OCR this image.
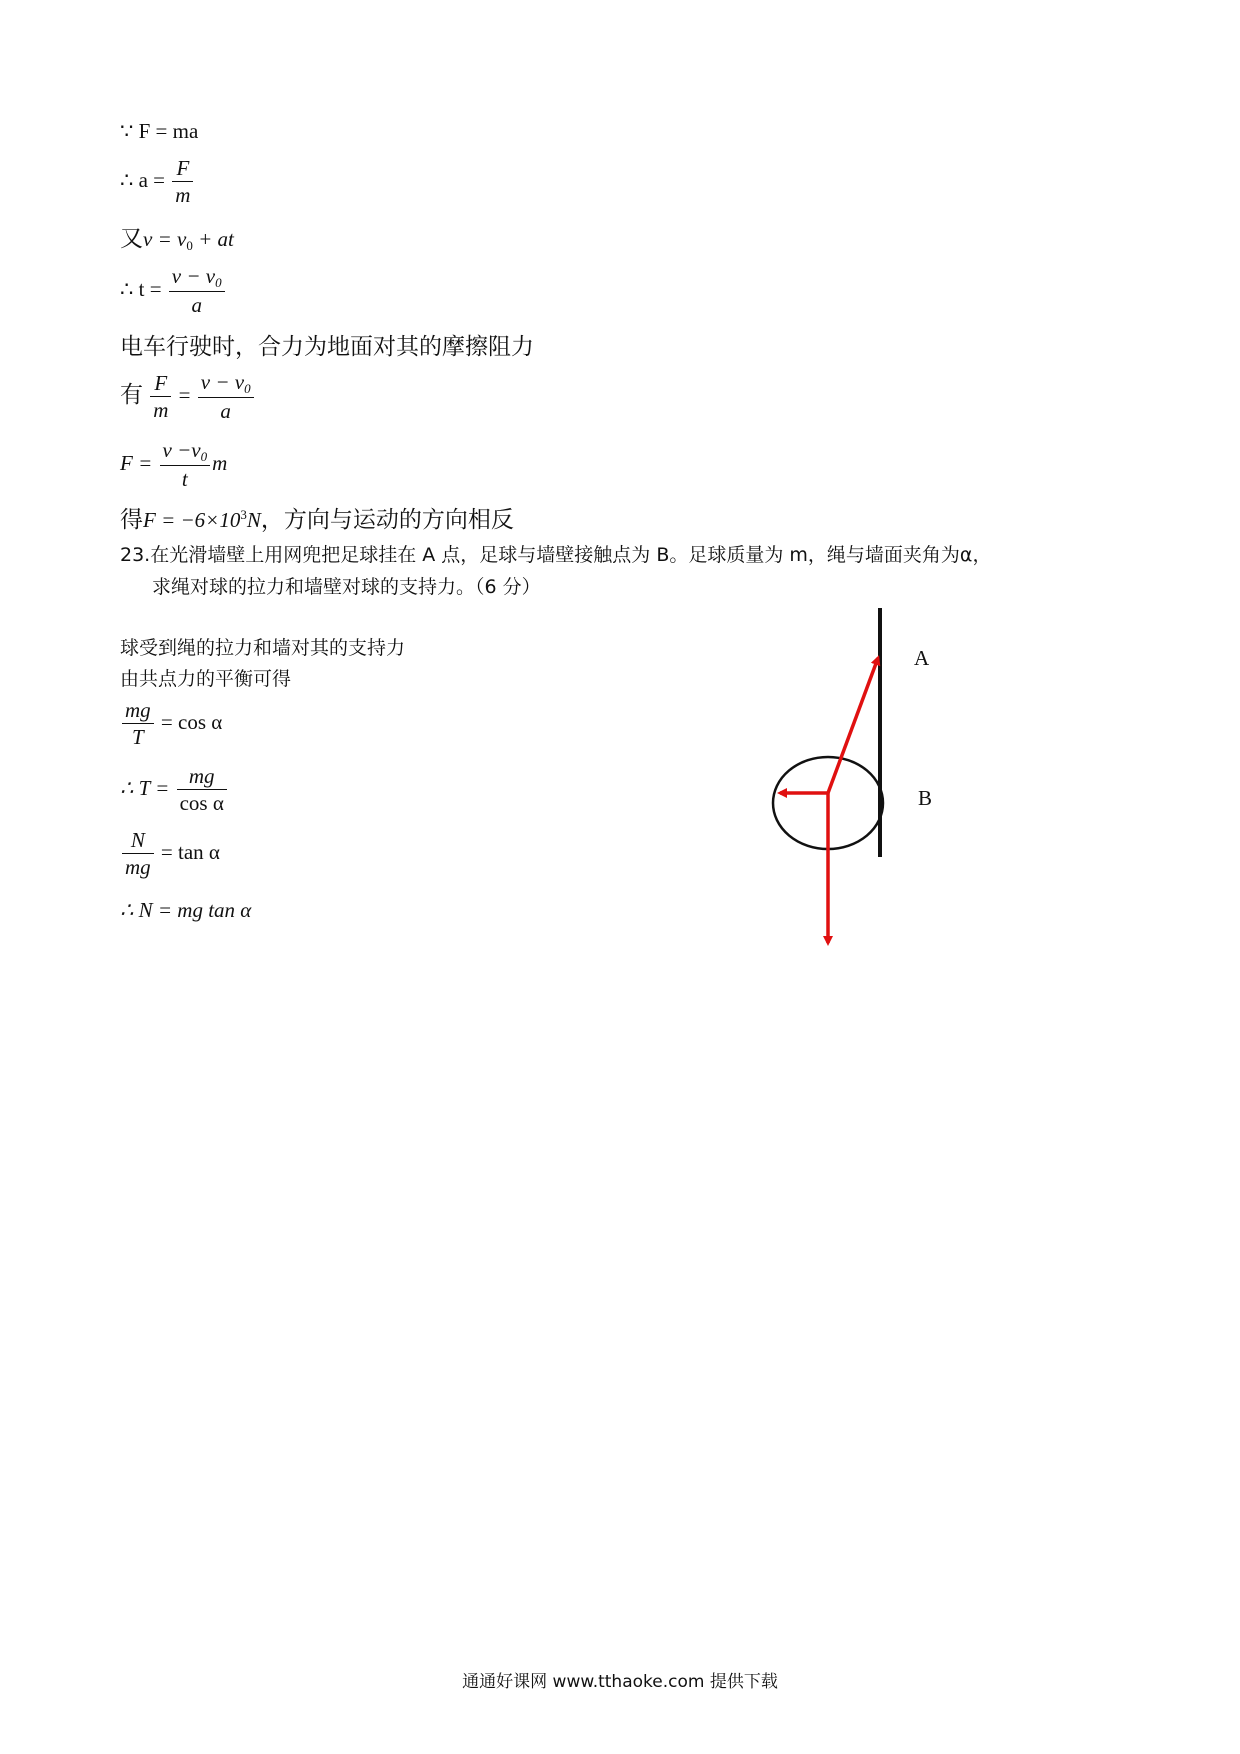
∵ F = ma
∴ $a = \frac{F}{m}$
又$v = v_0$ + at
∴ $t = \frac{v - v_0}{a}$
电车行驶时，合力为地面对其的摩擦阻力
有 $\frac{F}{m} = \frac{v - v_0}{a}$
$F = \frac{v -v_0}{t}$ m
得$F = -6\times 10^3N$，方向与运动的方向相反
23.在光滑墙壁上用网兜把足球挂在 A 点，足球与墙壁接触点为 B。足球质量为 m，绳与墙面夹角为α，
求绳对球的拉力和墙壁对球的支持力。（6 分）
球受到绳的拉力和墙对其的支持力
由共点力的平衡可得
$\frac{mg}{T} = \cos \alpha$
∴ $T = \frac{mg}{\text{cos α}}$
$\frac{N}{mg} = \tan \alpha$
∴ N = mg tan α
A
B
通通好课网 www.tthaoke.com 提供下载
